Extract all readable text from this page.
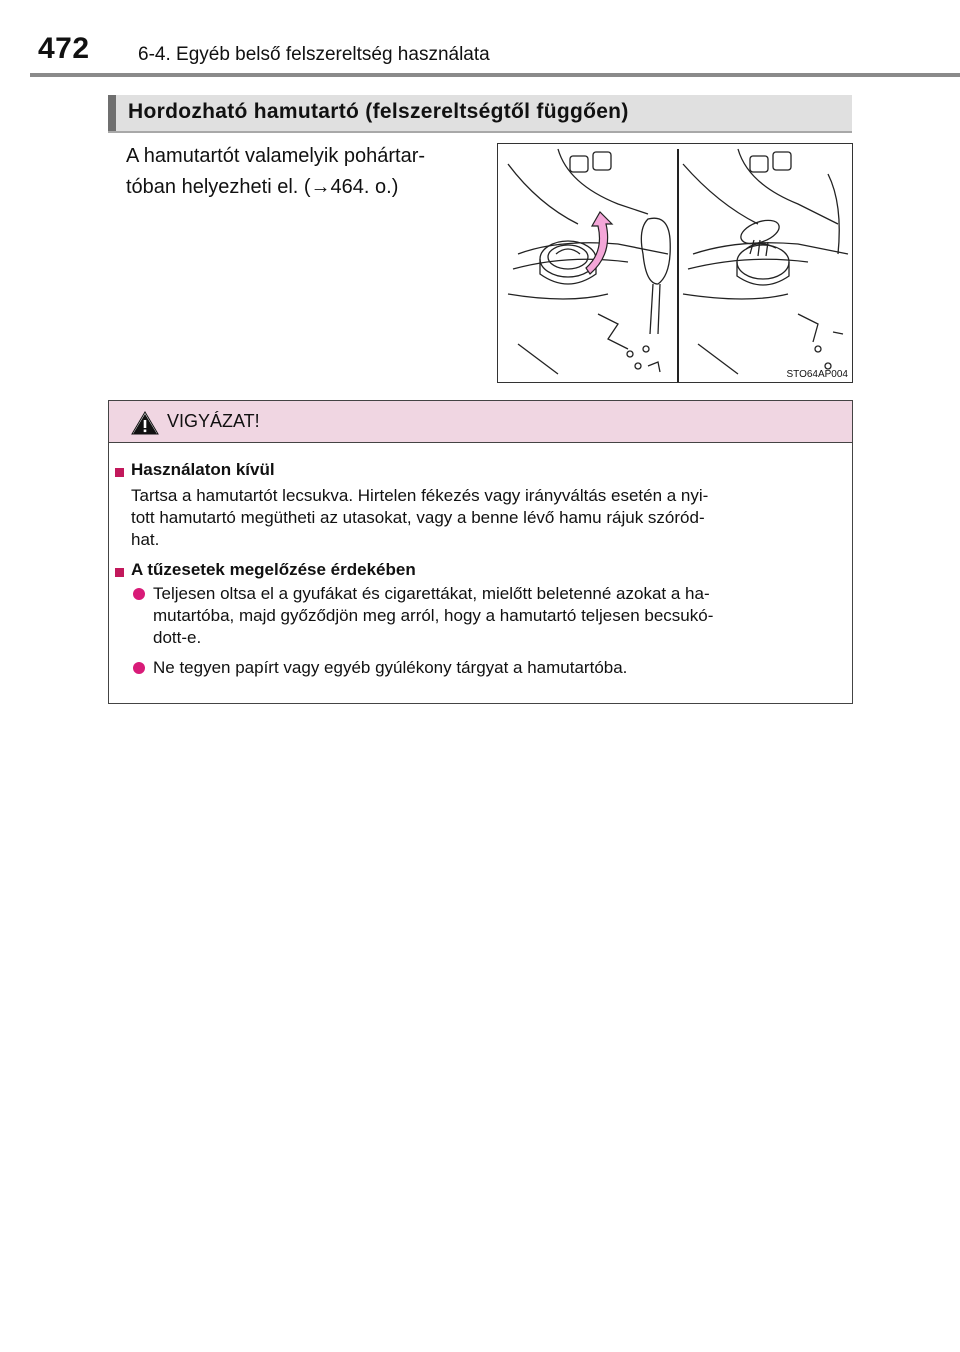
472	6-4. Egyéb belső felszereltség használata
Hordozható hamutartó (felszereltségtől függően)
A hamutartót valamelyik pohártar-
tóban helyezheti el. (→464. o.)
STO64AP004
VIGYÁZAT!
Használaton kívül
Tartsa a hamutartót lecsukva. Hirtelen fékezés vagy irányváltás esetén a nyi-
tott hamutartó megütheti az utasokat, vagy a benne lévő hamu rájuk szóród-
hat.
A tűzesetek megelőzése érdekében
Teljesen oltsa el a gyufákat és cigarettákat, mielőtt beletenné azokat a ha-
mutartóba, majd győződjön meg arról, hogy a hamutartó teljesen becsukó-
dott-e.
Ne tegyen papírt vagy egyéb gyúlékony tárgyat a hamutartóba.
